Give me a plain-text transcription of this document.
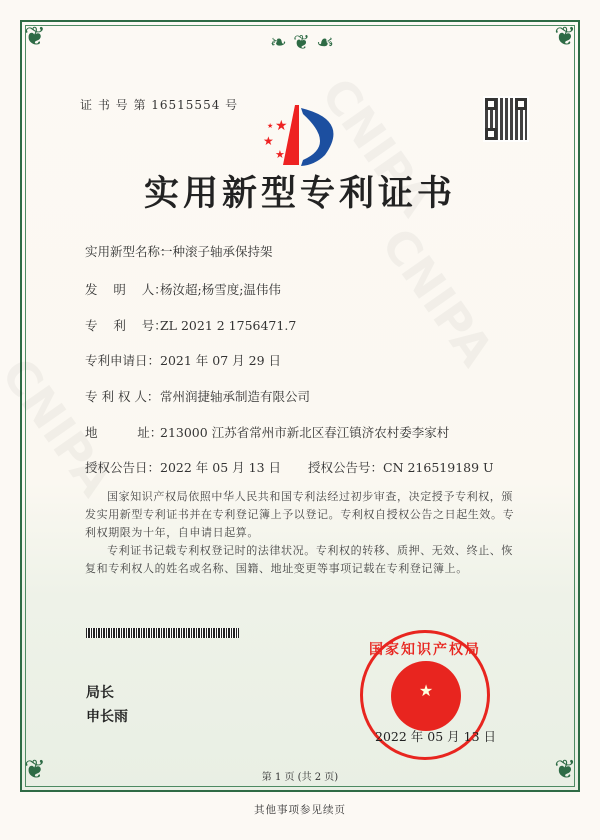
❦	❦
❦	❦
❧ ❦ ☙
证 书 号 第 16515554 号
★
★
★
★
实用新型专利证书
实用新型名称：一种滚子轴承保持架
发    明    人：杨汝超;杨雪度;温伟伟
专    利    号：ZL 2021 2 1756471.7
专利申请日：2021 年 07 月 29 日
专 利 权 人：常州润捷轴承制造有限公司
地          址：213000 江苏省常州市新北区春江镇济农村委李家村
授权公告日：2022 年 05 月 13 日 授权公告号：CN 216519189 U

国家知识产权局依照中华人民共和国专利法经过初步审查，决定授予专利权，颁发实用新型专利证书并在专利登记簿上予以登记。专利权自授权公告之日起生效。专利权期限为十年，自申请日起算。

专利证书记载专利权登记时的法律状况。专利权的转移、质押、无效、终止、恢复和专利权人的姓名或名称、国籍、地址变更等事项记载在专利登记簿上。

局长
申长雨
国家知识产权局
★
2022 年 05 月 13 日
第 1 页 (共 2 页)
其他事项参见续页
